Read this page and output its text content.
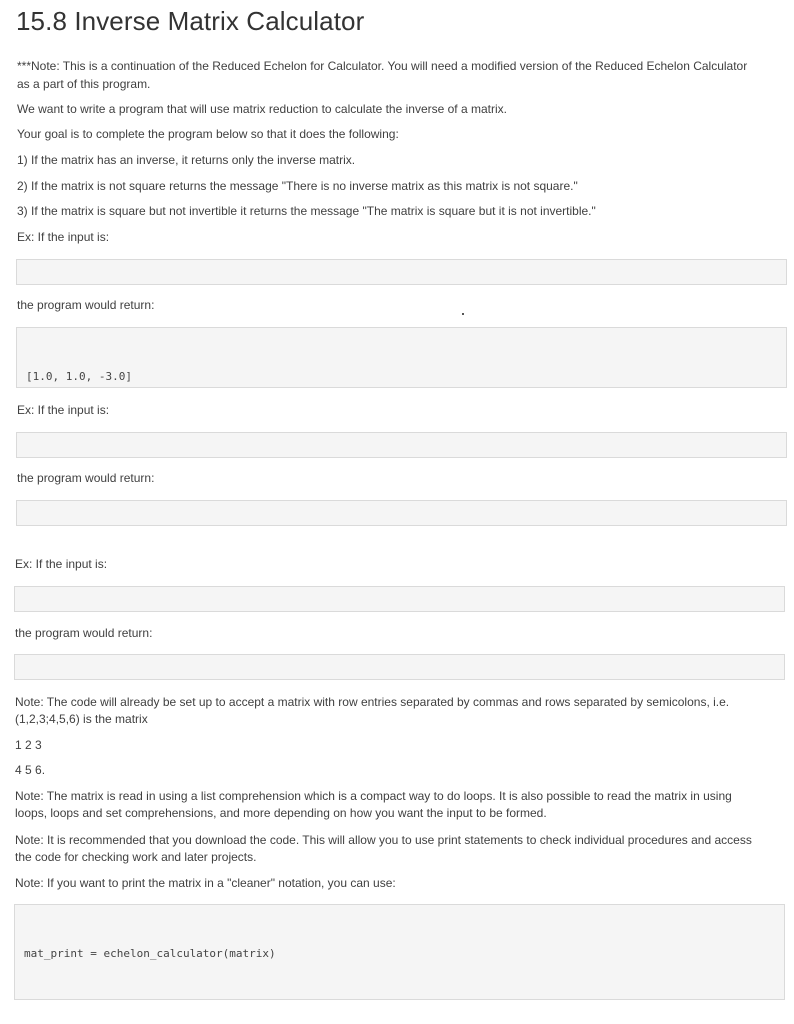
15.8 Inverse Matrix Calculator

***Note: This is a continuation of the Reduced Echelon for Calculator. You will need a modified version of the Reduced Echelon Calculator

as a part of this program.

We want to write a program that will use matrix reduction to calculate the inverse of a matrix.

Your goal is to complete the program below so that it does the following:

1) If the matrix has an inverse, it returns only the inverse matrix.

2) If the matrix is not square returns the message "There is no inverse matrix as this matrix is not square."

3) If the matrix is square but not invertible it returns the message "The matrix is square but it is not invertible."

Ex: If the input is:

the program would return:

[1.0, 1.0, -3.0]

Ex: If the input is:

the program would return:

Ex: If the input is:

the program would return:

Note: The code will already be set up to accept a matrix with row entries separated by commas and rows separated by semicolons, i.e.

(1,2,3;4,5,6) is the matrix

1 2 3

4 5 6.

Note: The matrix is read in using a list comprehension which is a compact way to do loops. It is also possible to read the matrix in using

loops, loops and set comprehensions, and more depending on how you want the input to be formed.

Note: It is recommended that you download the code. This will allow you to use print statements to check individual procedures and access

the code for checking work and later projects.

Note: If you want to print the matrix in a "cleaner" notation, you can use:

mat_print = echelon_calculator(matrix)
